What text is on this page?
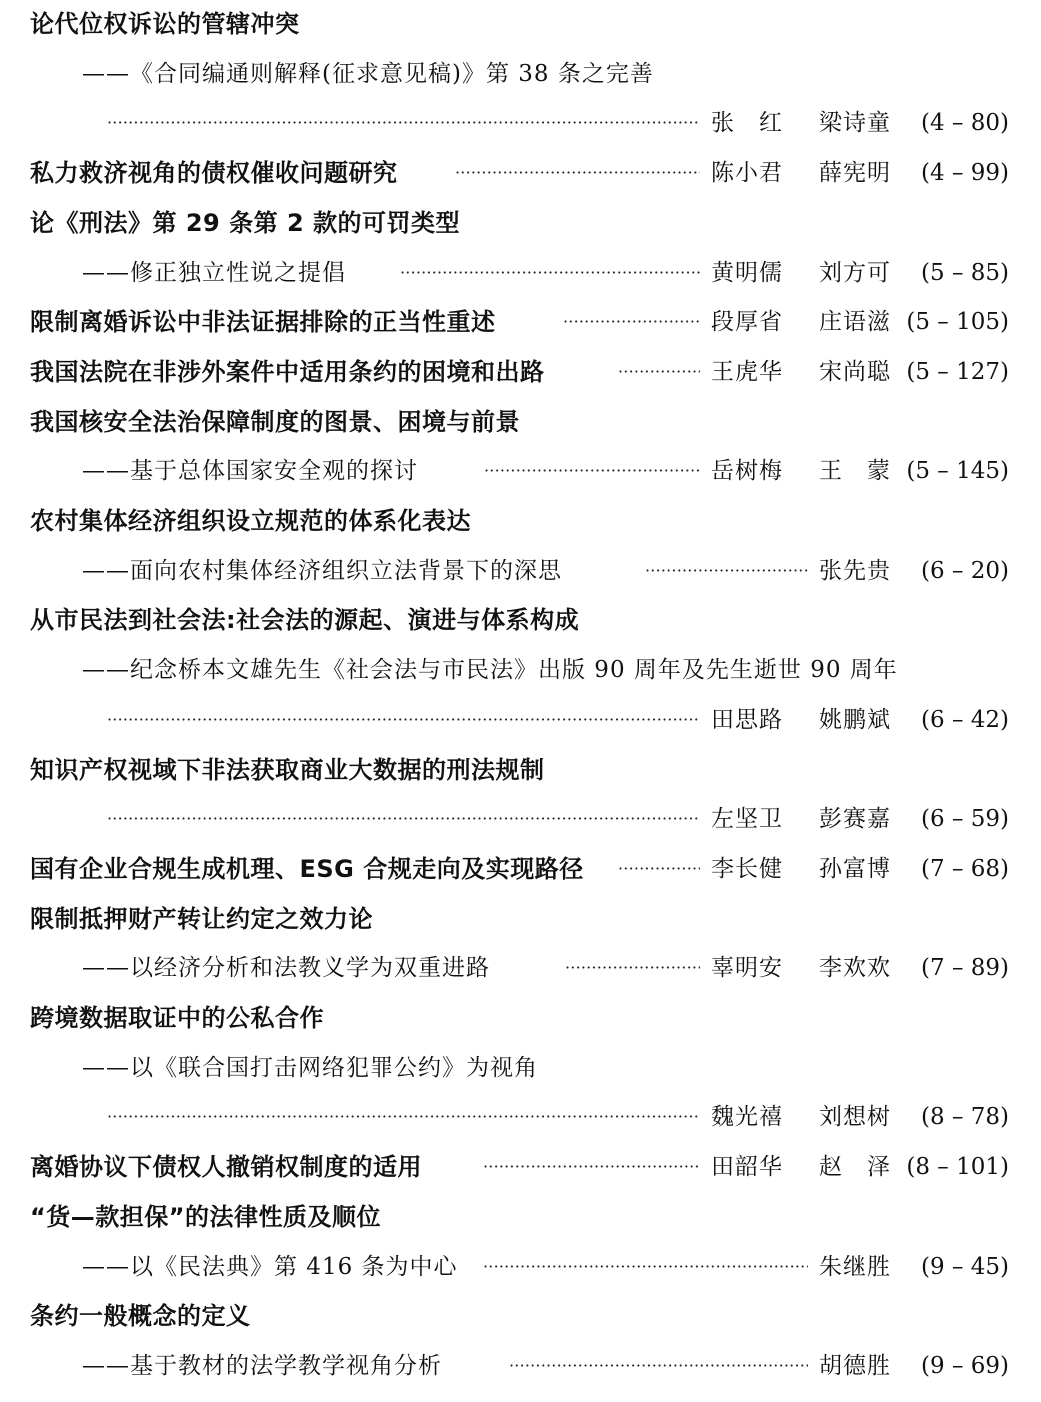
论代位权诉讼的管辖冲突
——《合同编通则解释(征求意见稿)》第 38 条之完善
·····
张　红 梁诗童 (4 – 80)
私力救济视角的债权催收问题研究 ·····	陈小君 薛宪明 (4 – 99)
论《刑法》第 29 条第 2 款的可罚类型
——修正独立性说之提倡 ·····	黄明儒 刘方可 (5 – 85)
限制离婚诉讼中非法证据排除的正当性重述 ·····	段厚省 庄语滋 (5 – 105)
我国法院在非涉外案件中适用条约的困境和出路 ·····	王虎华 宋尚聪 (5 – 127)
我国核安全法治保障制度的图景、困境与前景
——基于总体国家安全观的探讨 ·····	岳树梅 王　蒙 (5 – 145)
农村集体经济组织设立规范的体系化表达
——面向农村集体经济组织立法背景下的深思 ·····	张先贵 (6 – 20)
从市民法到社会法:社会法的源起、演进与体系构成
——纪念桥本文雄先生《社会法与市民法》出版 90 周年及先生逝世 90 周年
·····
田思路 姚鹏斌 (6 – 42)
知识产权视域下非法获取商业大数据的刑法规制
·····
左坚卫 彭赛嘉 (6 – 59)
国有企业合规生成机理、ESG 合规走向及实现路径 ·····	李长健 孙富博 (7 – 68)
限制抵押财产转让约定之效力论
——以经济分析和法教义学为双重进路 ·····	辜明安 李欢欢 (7 – 89)
跨境数据取证中的公私合作
——以《联合国打击网络犯罪公约》为视角
·····
魏光禧 刘想树 (8 – 78)
离婚协议下债权人撤销权制度的适用 ·····	田韶华 赵　泽 (8 – 101)
“货—款担保”的法律性质及顺位
——以《民法典》第 416 条为中心 ·····	朱继胜 (9 – 45)
条约一般概念的定义
——基于教材的法学教学视角分析 ·····	胡德胜 (9 – 69)
